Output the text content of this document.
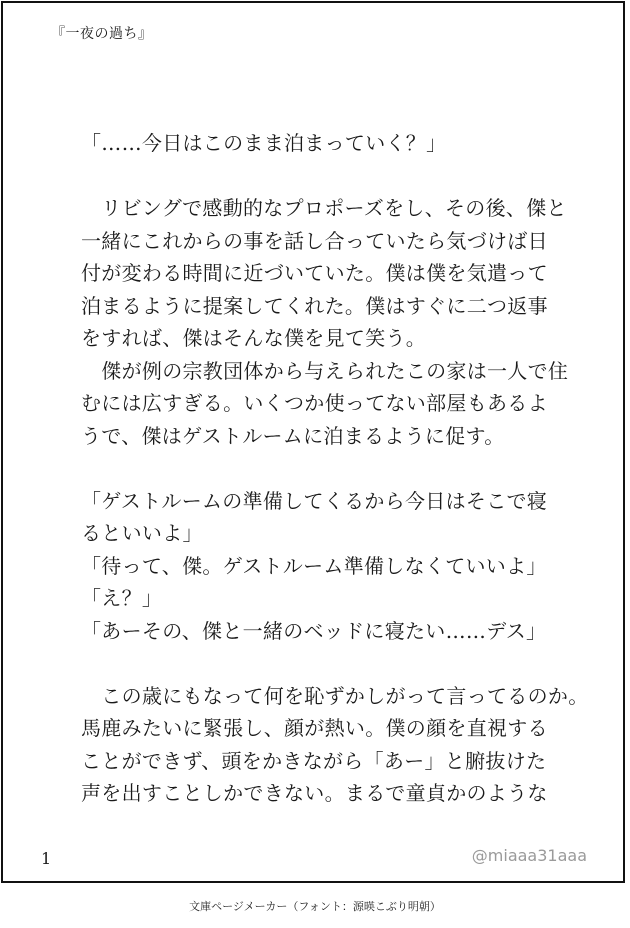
『一夜の過ち』
「……今日はこのまま泊まっていく？」
　リビングで感動的なプロポーズをし、その後、傑と
一緒にこれからの事を話し合っていたら気づけば日
付が変わる時間に近づいていた。僕は僕を気遣って
泊まるように提案してくれた。僕はすぐに二つ返事
をすれば、傑はそんな僕を見て笑う。
　傑が例の宗教団体から与えられたこの家は一人で住
むには広すぎる。いくつか使ってない部屋もあるよ
うで、傑はゲストルームに泊まるように促す。
「ゲストルームの準備してくるから今日はそこで寝
るといいよ」
「待って、傑。ゲストルーム準備しなくていいよ」
「え？」
「あーその、傑と一緒のベッドに寝たい……デス」
　この歳にもなって何を恥ずかしがって言ってるのか。
馬鹿みたいに緊張し、顔が熱い。僕の顔を直視する
ことができず、頭をかきながら「あー」と腑抜けた
声を出すことしかできない。まるで童貞かのような
1	@miaaa31aaa
文庫ページメーカー（フォント：源暎こぶり明朝）
